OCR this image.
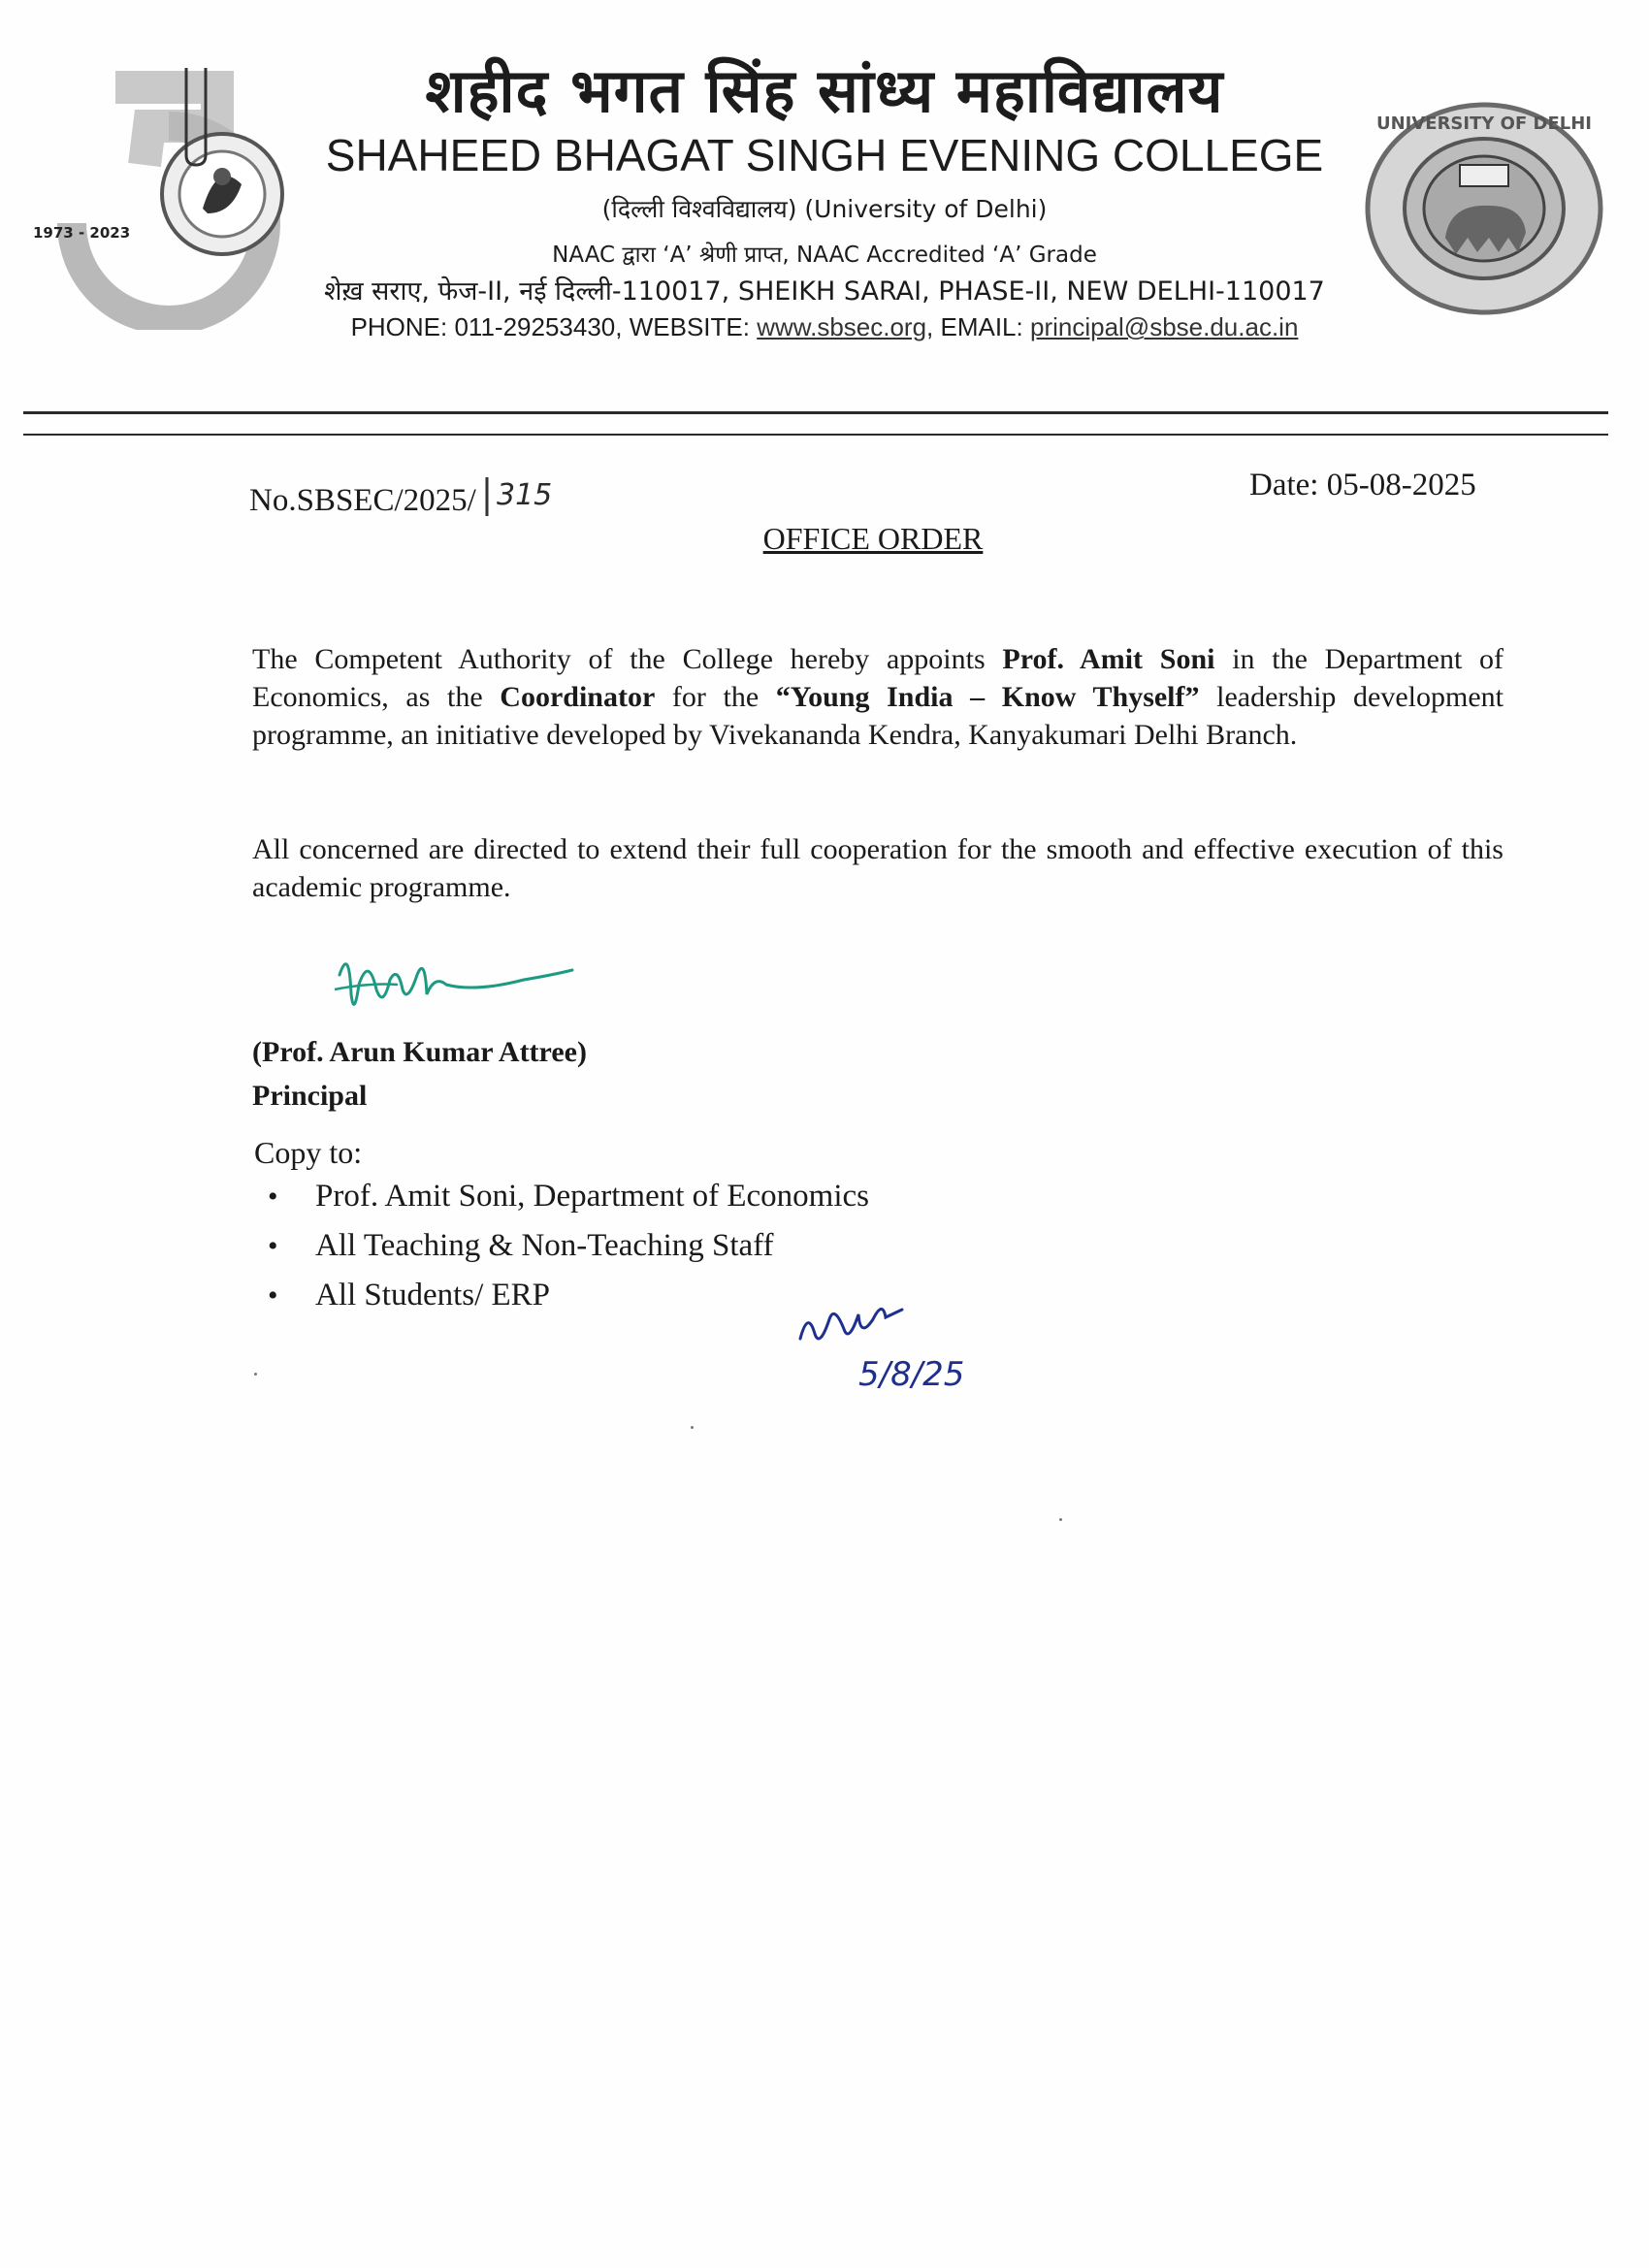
1973 - 2023
UNIVERSITY OF DELHI
शहीद भगत सिंह सांध्य महाविद्यालय
SHAHEED BHAGAT SINGH EVENING COLLEGE
(दिल्ली विश्वविद्यालय) (University of Delhi)
NAAC द्वारा ‘A’ श्रेणी प्राप्त, NAAC Accredited ‘A’ Grade
शेख़ सराए, फेज-II, नई दिल्ली-110017, SHEIKH SARAI, PHASE-II, NEW DELHI-110017
PHONE: 011-29253430, WEBSITE: www.sbsec.org, EMAIL: principal@sbse.du.ac.in
No.SBSEC/2025/ 315	Date: 05-08-2025
OFFICE ORDER
The Competent Authority of the College hereby appoints Prof. Amit Soni in the Department of Economics, as the Coordinator for the “Young India – Know Thyself” leadership development programme, an initiative developed by Vivekananda Kendra, Kanyakumari Delhi Branch.
All concerned are directed to extend their full cooperation for the smooth and effective execution of this academic programme.
(Prof. Arun Kumar Attree)
Principal
Copy to:
• Prof. Amit Soni, Department of Economics
• All Teaching & Non-Teaching Staff
• All Students/ ERP
5/8/25
